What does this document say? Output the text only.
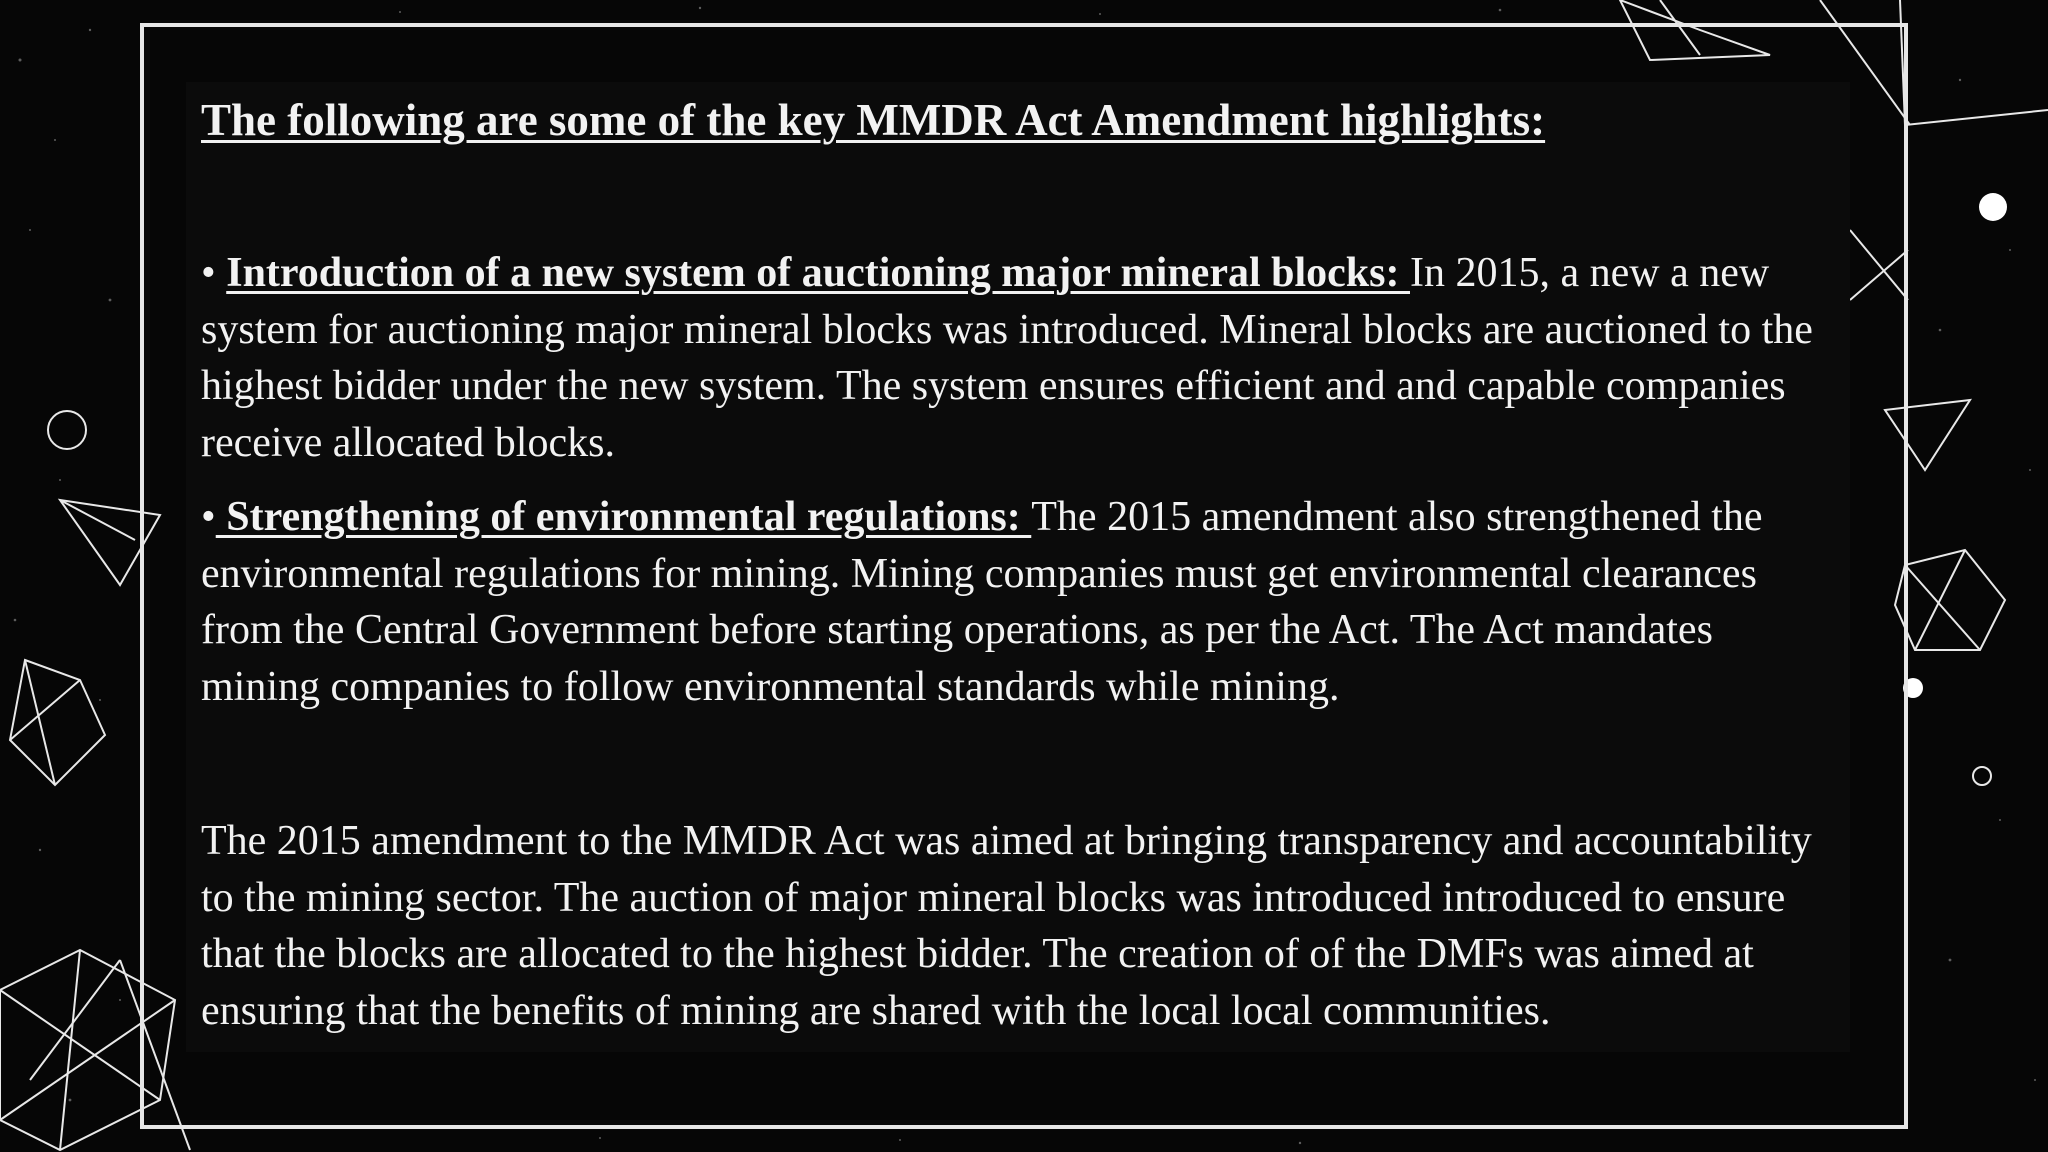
The following are some of the key MMDR Act Amendment highlights:

• Introduction of a new system of auctioning major mineral blocks: In 2015, a new a new system for auctioning major mineral blocks was introduced. Mineral blocks are auctioned to the highest bidder under the new system. The system ensures efficient and and capable companies receive allocated blocks.

• Strengthening of environmental regulations: The 2015 amendment also strengthened the environmental regulations for mining. Mining companies must get environmental clearances from the Central Government before starting operations, as per the Act. The Act mandates mining companies to follow environmental standards while mining.

The 2015 amendment to the MMDR Act was aimed at bringing transparency and accountability to the mining sector. The auction of major mineral blocks was introduced introduced to ensure that the blocks are allocated to the highest bidder. The creation of of the DMFs was aimed at ensuring that the benefits of mining are shared with the local local communities.
